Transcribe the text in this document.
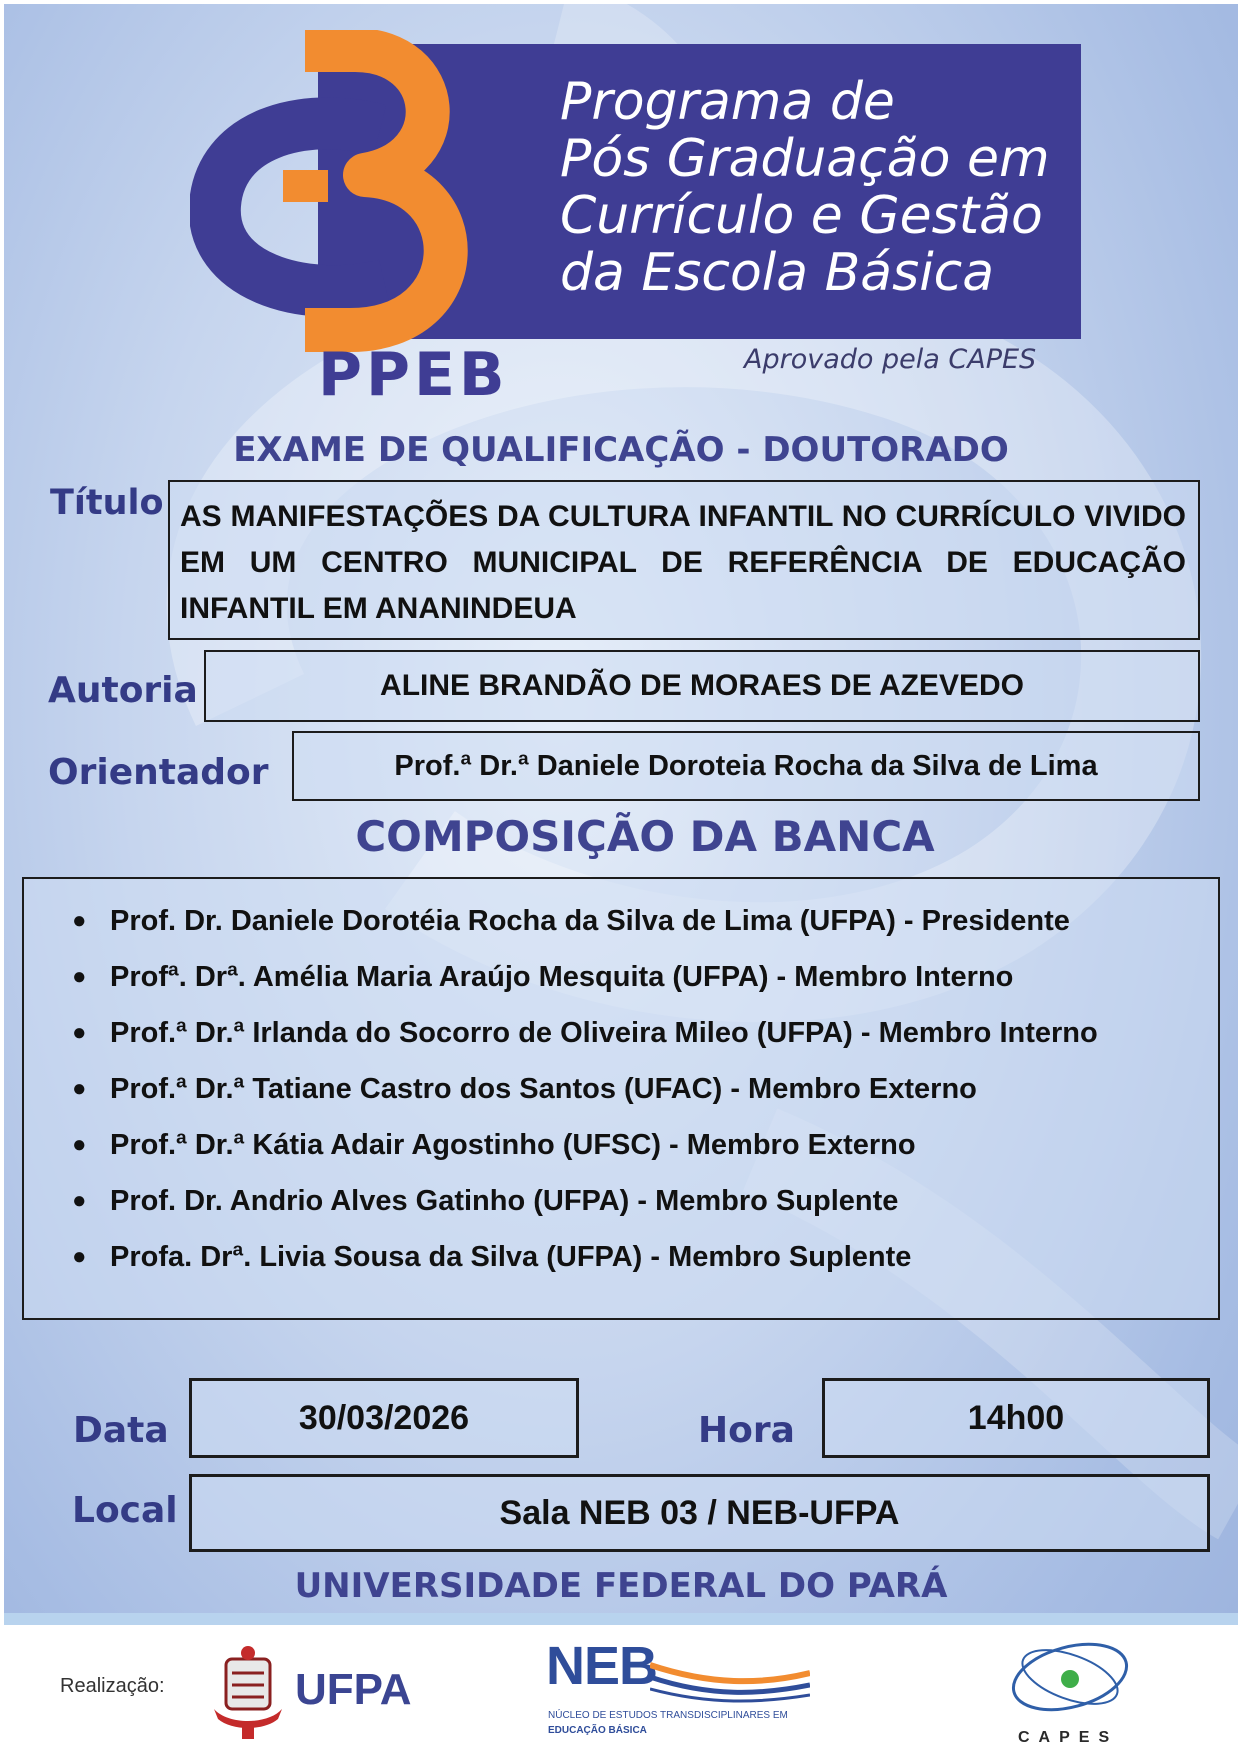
Programa de
Pós Graduação em
Currículo e Gestão
da Escola Básica
PPEB	Aprovado pela CAPES
EXAME DE QUALIFICAÇÃO - DOUTORADO
Título AS MANIFESTAÇÕES DA CULTURA INFANTIL NO CURRÍCULO VIVIDO EM UM CENTRO MUNICIPAL DE REFERÊNCIA DE EDUCAÇÃO INFANTIL EM ANANINDEUA
Autoria	ALINE BRANDÃO DE MORAES DE AZEVEDO
Orientador	Prof.ª Dr.ª Daniele Doroteia Rocha da Silva de Lima
COMPOSIÇÃO DA BANCA
● Prof. Dr. Daniele Dorotéia Rocha da Silva de Lima (UFPA) - Presidente
● Profª. Drª. Amélia Maria Araújo Mesquita (UFPA) - Membro Interno
● Prof.ª Dr.ª Irlanda do Socorro de Oliveira Mileo (UFPA) - Membro Interno
● Prof.ª Dr.ª Tatiane Castro dos Santos (UFAC) - Membro Externo
● Prof.ª Dr.ª Kátia Adair Agostinho (UFSC) - Membro Externo
● Prof. Dr. Andrio Alves Gatinho (UFPA) - Membro Suplente
● Profa. Drª. Livia Sousa da Silva (UFPA) - Membro Suplente
Data	30/03/2026	Hora	14h00
Local	Sala NEB 03 / NEB-UFPA
UNIVERSIDADE FEDERAL DO PARÁ
Realização:	UFPA NEB
NÚCLEO DE ESTUDOS TRANSDISCIPLINARES EM
EDUCAÇÃO BÁSICA	CAPES
